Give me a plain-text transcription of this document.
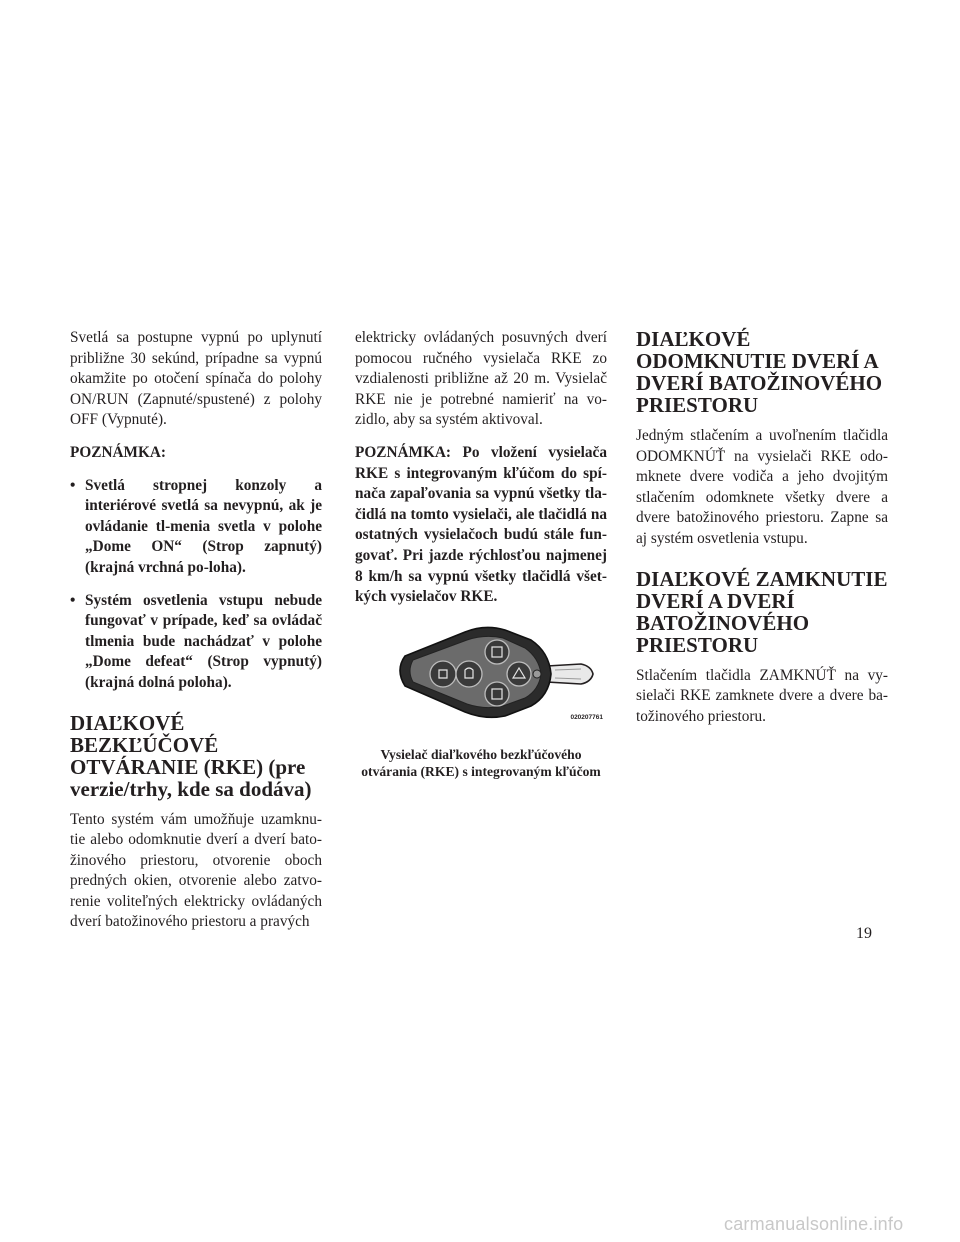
Svetlá sa postupne vypnú po uplynutí približne 30 sekúnd, prípadne sa vypnú okamžite po otočení spínača do polohy ON/RUN (Zapnuté/spustené) z polohy OFF (Vypnuté).

POZNÁMKA:

• Svetlá stropnej konzoly a interiérové svetlá sa nevypnú, ak je ovládanie tl-menia svetla v polohe „Dome ON“ (Strop zapnutý) (krajná vrchná po-loha).
• Systém osvetlenia vstupu nebude fungovať v prípade, keď sa ovládač tlmenia bude nachádzať v polohe „Dome defeat“ (Strop vypnutý) (krajná dolná poloha).
DIAĽKOVÉ BEZKĽÚČOVÉ OTVÁRANIE (RKE) (pre verzie/trhy, kde sa dodáva)

Tento systém vám umožňuje uzamknu-tie alebo odomknutie dverí a dverí bato-žinového priestoru, otvorenie oboch predných okien, otvorenie alebo zatvo-renie voliteľných elektricky ovládaných dverí batožinového priestoru a pravých

elektricky ovládaných posuvných dverí pomocou ručného vysielača RKE zo vzdialenosti približne až 20 m. Vysielač RKE nie je potrebné namieriť na vo-zidlo, aby sa systém aktivoval.

POZNÁMKA: Po vložení vysielača RKE s integrovaným kľúčom do spí-nača zapaľovania sa vypnú všetky tla-čidlá na tomto vysielači, ale tlačidlá na ostatných vysielačoch budú stále fun-govať. Pri jazde rýchlosťou najmenej 8 km/h sa vypnú všetky tlačidlá všet-kých vysielačov RKE.

020207761
Vysielač diaľkového bezkľúčového otvárania (RKE) s integrovaným kľúčom
DIAĽKOVÉ ODOMKNUTIE DVERÍ A DVERÍ BATOŽINOVÉHO PRIESTORU

Jedným stlačením a uvoľnením tlačidla ODOMKNÚŤ na vysielači RKE odo-mknete dvere vodiča a jeho dvojitým stlačením odomknete všetky dvere a dvere batožinového priestoru. Zapne sa aj systém osvetlenia vstupu.

DIAĽKOVÉ ZAMKNUTIE DVERÍ A DVERÍ BATOŽINOVÉHO PRIESTORU

Stlačením tlačidla ZAMKNÚŤ na vy-sielači RKE zamknete dvere a dvere ba-tožinového priestoru.

19
carmanualsonline.info
